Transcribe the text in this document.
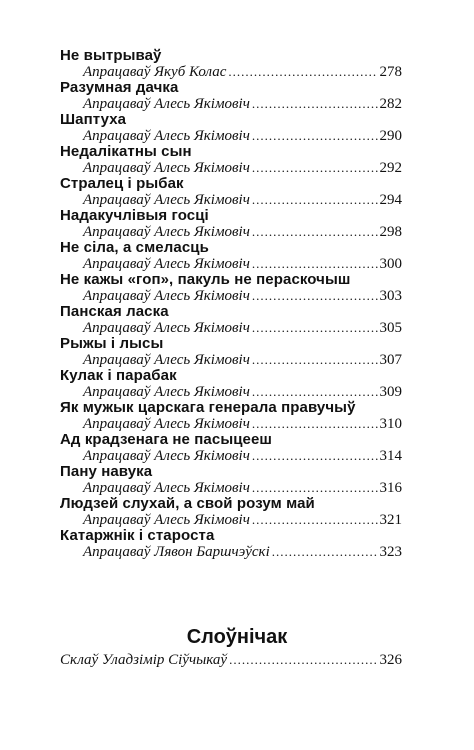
Не вытрываў
Апрацаваў Якуб Колас .....	278
Разумная дачка
Апрацаваў Алесь Якімовіч .....	282
Шаптуха
Апрацаваў Алесь Якімовіч .....	290
Недалікатны сын
Апрацаваў Алесь Якімовіч .....	292
Стралец і рыбак
Апрацаваў Алесь Якімовіч .....	294
Надакучлівыя госці
Апрацаваў Алесь Якімовіч .....	298
Не сіла, а смеласць
Апрацаваў Алесь Якімовіч .....	300
Не кажы «гоп», пакуль не пераскочыш
Апрацаваў Алесь Якімовіч .....	303
Панская ласка
Апрацаваў Алесь Якімовіч .....	305
Рыжы і лысы
Апрацаваў Алесь Якімовіч .....	307
Кулак і парабак
Апрацаваў Алесь Якімовіч .....	309
Як мужык царскага генерала правучыў
Апрацаваў Алесь Якімовіч .....	310
Ад крадзенага не пасыцееш
Апрацаваў Алесь Якімовіч .....	314
Пану навука
Апрацаваў Алесь Якімовіч .....	316
Людзей слухай, а свой розум май
Апрацаваў Алесь Якімовіч .....	321
Катаржнік і староста
Апрацаваў Лявон Баршчэўскі .....	323
Слоўнічак
Склаў Уладзімір Сіўчыкаў .....	326
